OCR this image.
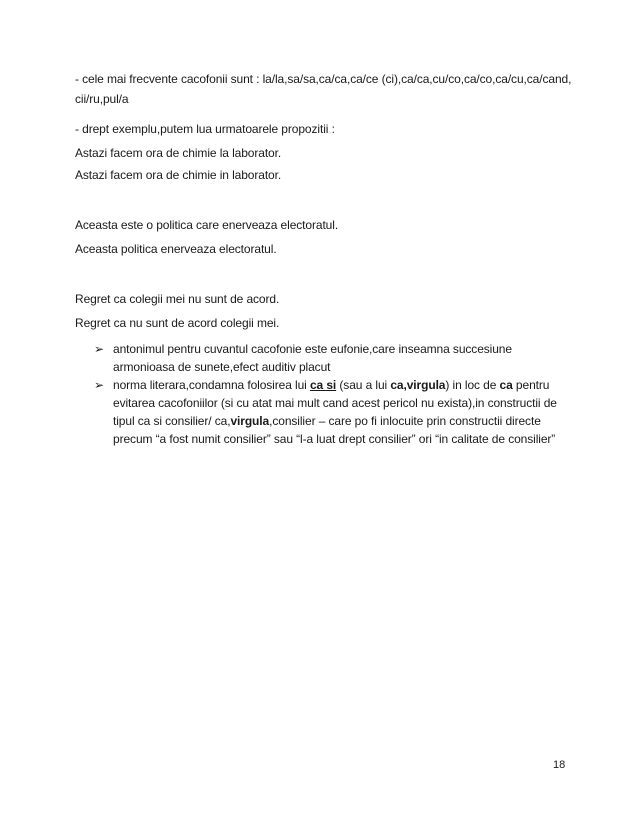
- cele mai frecvente cacofonii sunt : la/la,sa/sa,ca/ca,ca/ce (ci),ca/ca,cu/co,ca/co,ca/cu,ca/cand,
cii/ru,pul/a
- drept exemplu,putem lua urmatoarele propozitii :
Astazi facem ora de chimie la laborator.
Astazi facem ora de chimie in laborator.
Aceasta este o politica care enerveaza electoratul.
Aceasta politica enerveaza electoratul.
Regret ca colegii mei nu sunt de acord.
Regret ca nu sunt de acord colegii mei.
➢ antonimul pentru cuvantul cacofonie este eufonie,care inseamna succesiune armonioasa de sunete,efect auditiv placut
➢ norma literara,condamna folosirea lui ca si (sau a lui ca,virgula) in loc de ca pentru evitarea cacofoniilor (si cu atat mai mult cand acest pericol nu exista),in constructii de tipul ca si consilier/ ca,virgula,consilier – care po fi inlocuite prin constructii directe precum “a fost numit consilier” sau “l-a luat drept consilier” ori “in calitate de consilier”
18
